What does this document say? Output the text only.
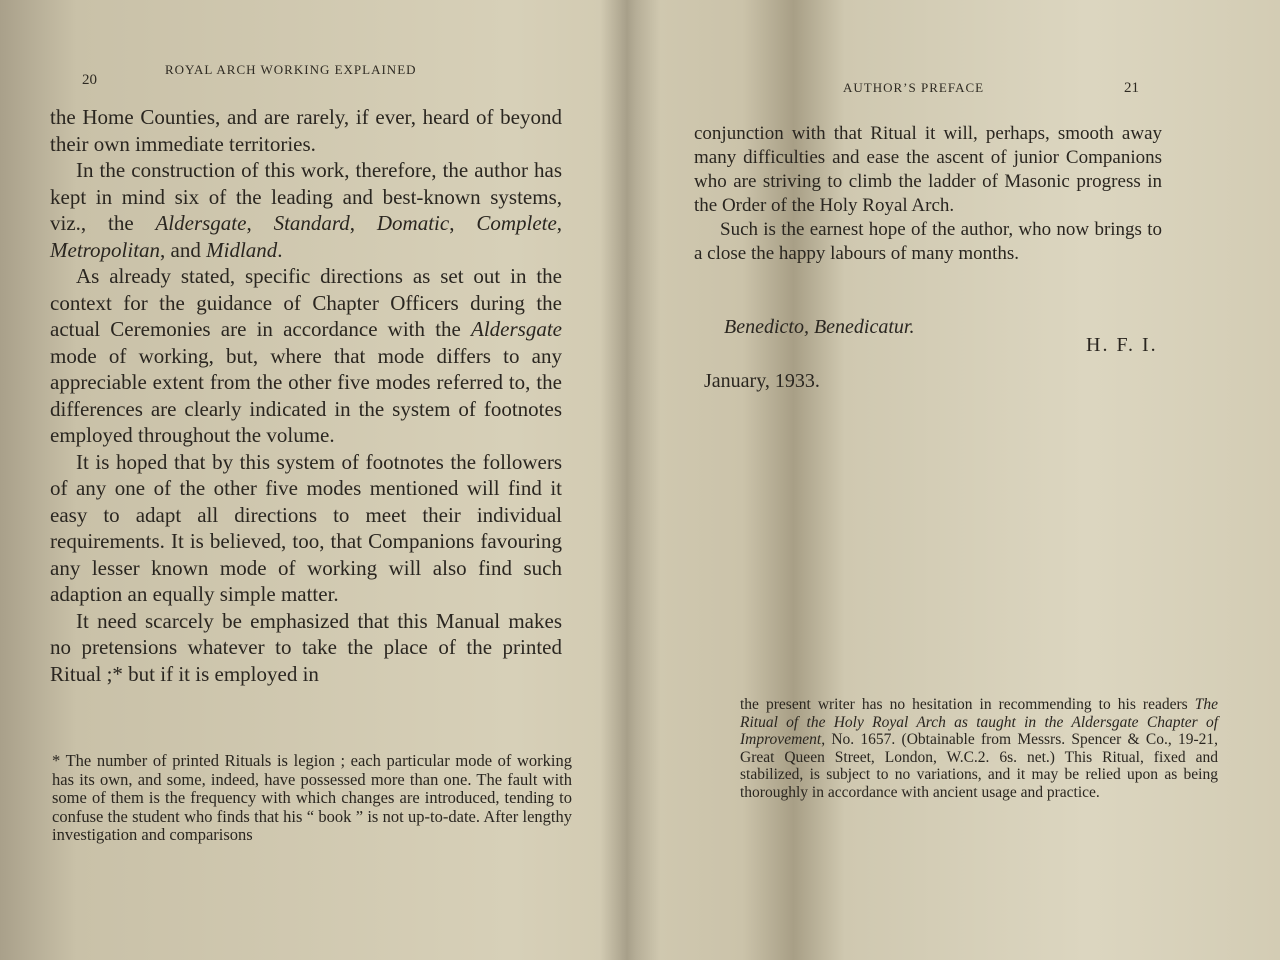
20
ROYAL ARCH WORKING EXPLAINED

the Home Counties, and are rarely, if ever, heard of beyond their own immediate territories.

In the construction of this work, therefore, the author has kept in mind six of the leading and best-known systems, viz., the Aldersgate, Standard, Domatic, Complete, Metropolitan, and Midland.

As already stated, specific directions as set out in the context for the guidance of Chapter Officers during the actual Ceremonies are in accordance with the Aldersgate mode of working, but, where that mode differs to any appreciable extent from the other five modes referred to, the differences are clearly indicated in the system of footnotes employed throughout the volume.

It is hoped that by this system of footnotes the followers of any one of the other five modes mentioned will find it easy to adapt all directions to meet their individual requirements. It is believed, too, that Companions favouring any lesser known mode of working will also find such adaption an equally simple matter.

It need scarcely be emphasized that this Manual makes no pretensions whatever to take the place of the printed Ritual ;* but if it is employed in

* The number of printed Rituals is legion ; each particular mode of working has its own, and some, indeed, have possessed more than one. The fault with some of them is the frequency with which changes are introduced, tending to confuse the student who finds that his “ book ” is not up-to-date. After lengthy investigation and comparisons
AUTHOR’S PREFACE	21

conjunction with that Ritual it will, perhaps, smooth away many difficulties and ease the ascent of junior Companions who are striving to climb the ladder of Masonic progress in the Order of the Holy Royal Arch.

Such is the earnest hope of the author, who now brings to a close the happy labours of many months.

Benedicto, Benedicatur.
H. F. I.
January, 1933.
the present writer has no hesitation in recommending to his readers The Ritual of the Holy Royal Arch as taught in the Aldersgate Chapter of Improvement, No. 1657. (Obtainable from Messrs. Spencer & Co., 19-21, Great Queen Street, London, W.C.2. 6s. net.) This Ritual, fixed and stabilized, is subject to no variations, and it may be relied upon as being thoroughly in accordance with ancient usage and practice.
